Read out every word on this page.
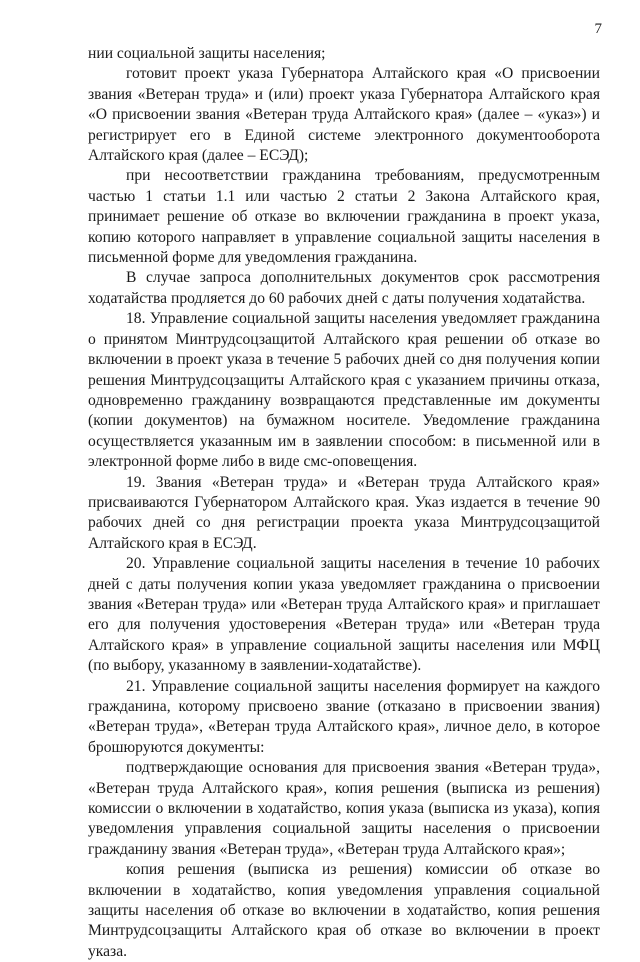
7

нии социальной защиты населения;

готовит проект указа Губернатора Алтайского края «О присвоении звания «Ветеран труда» и (или) проект указа Губернатора Алтайского края «О присвоении звания «Ветеран труда Алтайского края» (далее – «указ») и регистрирует его в Единой системе электронного документооборота Алтайского края (далее – ЕСЭД);

при несоответствии гражданина требованиям, предусмотренным частью 1 статьи 1.1 или частью 2 статьи 2 Закона Алтайского края, принимает решение об отказе во включении гражданина в проект указа, копию которого направляет в управление социальной защиты населения в письменной форме для уведомления гражданина.

В случае запроса дополнительных документов срок рассмотрения ходатайства продляется до 60 рабочих дней с даты получения ходатайства.

18. Управление социальной защиты населения уведомляет гражданина о принятом Минтрудсоцзащитой Алтайского края решении об отказе во включении в проект указа в течение 5 рабочих дней со дня получения копии решения Минтрудсоцзащиты Алтайского края с указанием причины отказа, одновременно гражданину возвращаются представленные им документы (копии документов) на бумажном носителе. Уведомление гражданина осуществляется указанным им в заявлении способом: в письменной или в электронной форме либо в виде смс-оповещения.

19. Звания «Ветеран труда» и «Ветеран труда Алтайского края» присваиваются Губернатором Алтайского края. Указ издается в течение 90 рабочих дней со дня регистрации проекта указа Минтрудсоцзащитой Алтайского края в ЕСЭД.

20. Управление социальной защиты населения в течение 10 рабочих дней с даты получения копии указа уведомляет гражданина о присвоении звания «Ветеран труда» или «Ветеран труда Алтайского края» и приглашает его для получения удостоверения «Ветеран труда» или «Ветеран труда Алтайского края» в управление социальной защиты населения или МФЦ (по выбору, указанному в заявлении-ходатайстве).

21. Управление социальной защиты населения формирует на каждого гражданина, которому присвоено звание (отказано в присвоении звания) «Ветеран труда», «Ветеран труда Алтайского края», личное дело, в которое брошюруются документы:

подтверждающие основания для присвоения звания «Ветеран труда», «Ветеран труда Алтайского края», копия решения (выписка из решения) комиссии о включении в ходатайство, копия указа (выписка из указа), копия уведомления управления социальной защиты населения о присвоении гражданину звания «Ветеран труда», «Ветеран труда Алтайского края»;

копия решения (выписка из решения) комиссии об отказе во включении в ходатайство, копия уведомления управления социальной защиты населения об отказе во включении в ходатайство, копия решения Минтрудсоцзащиты Алтайского края об отказе во включении в проект указа.
